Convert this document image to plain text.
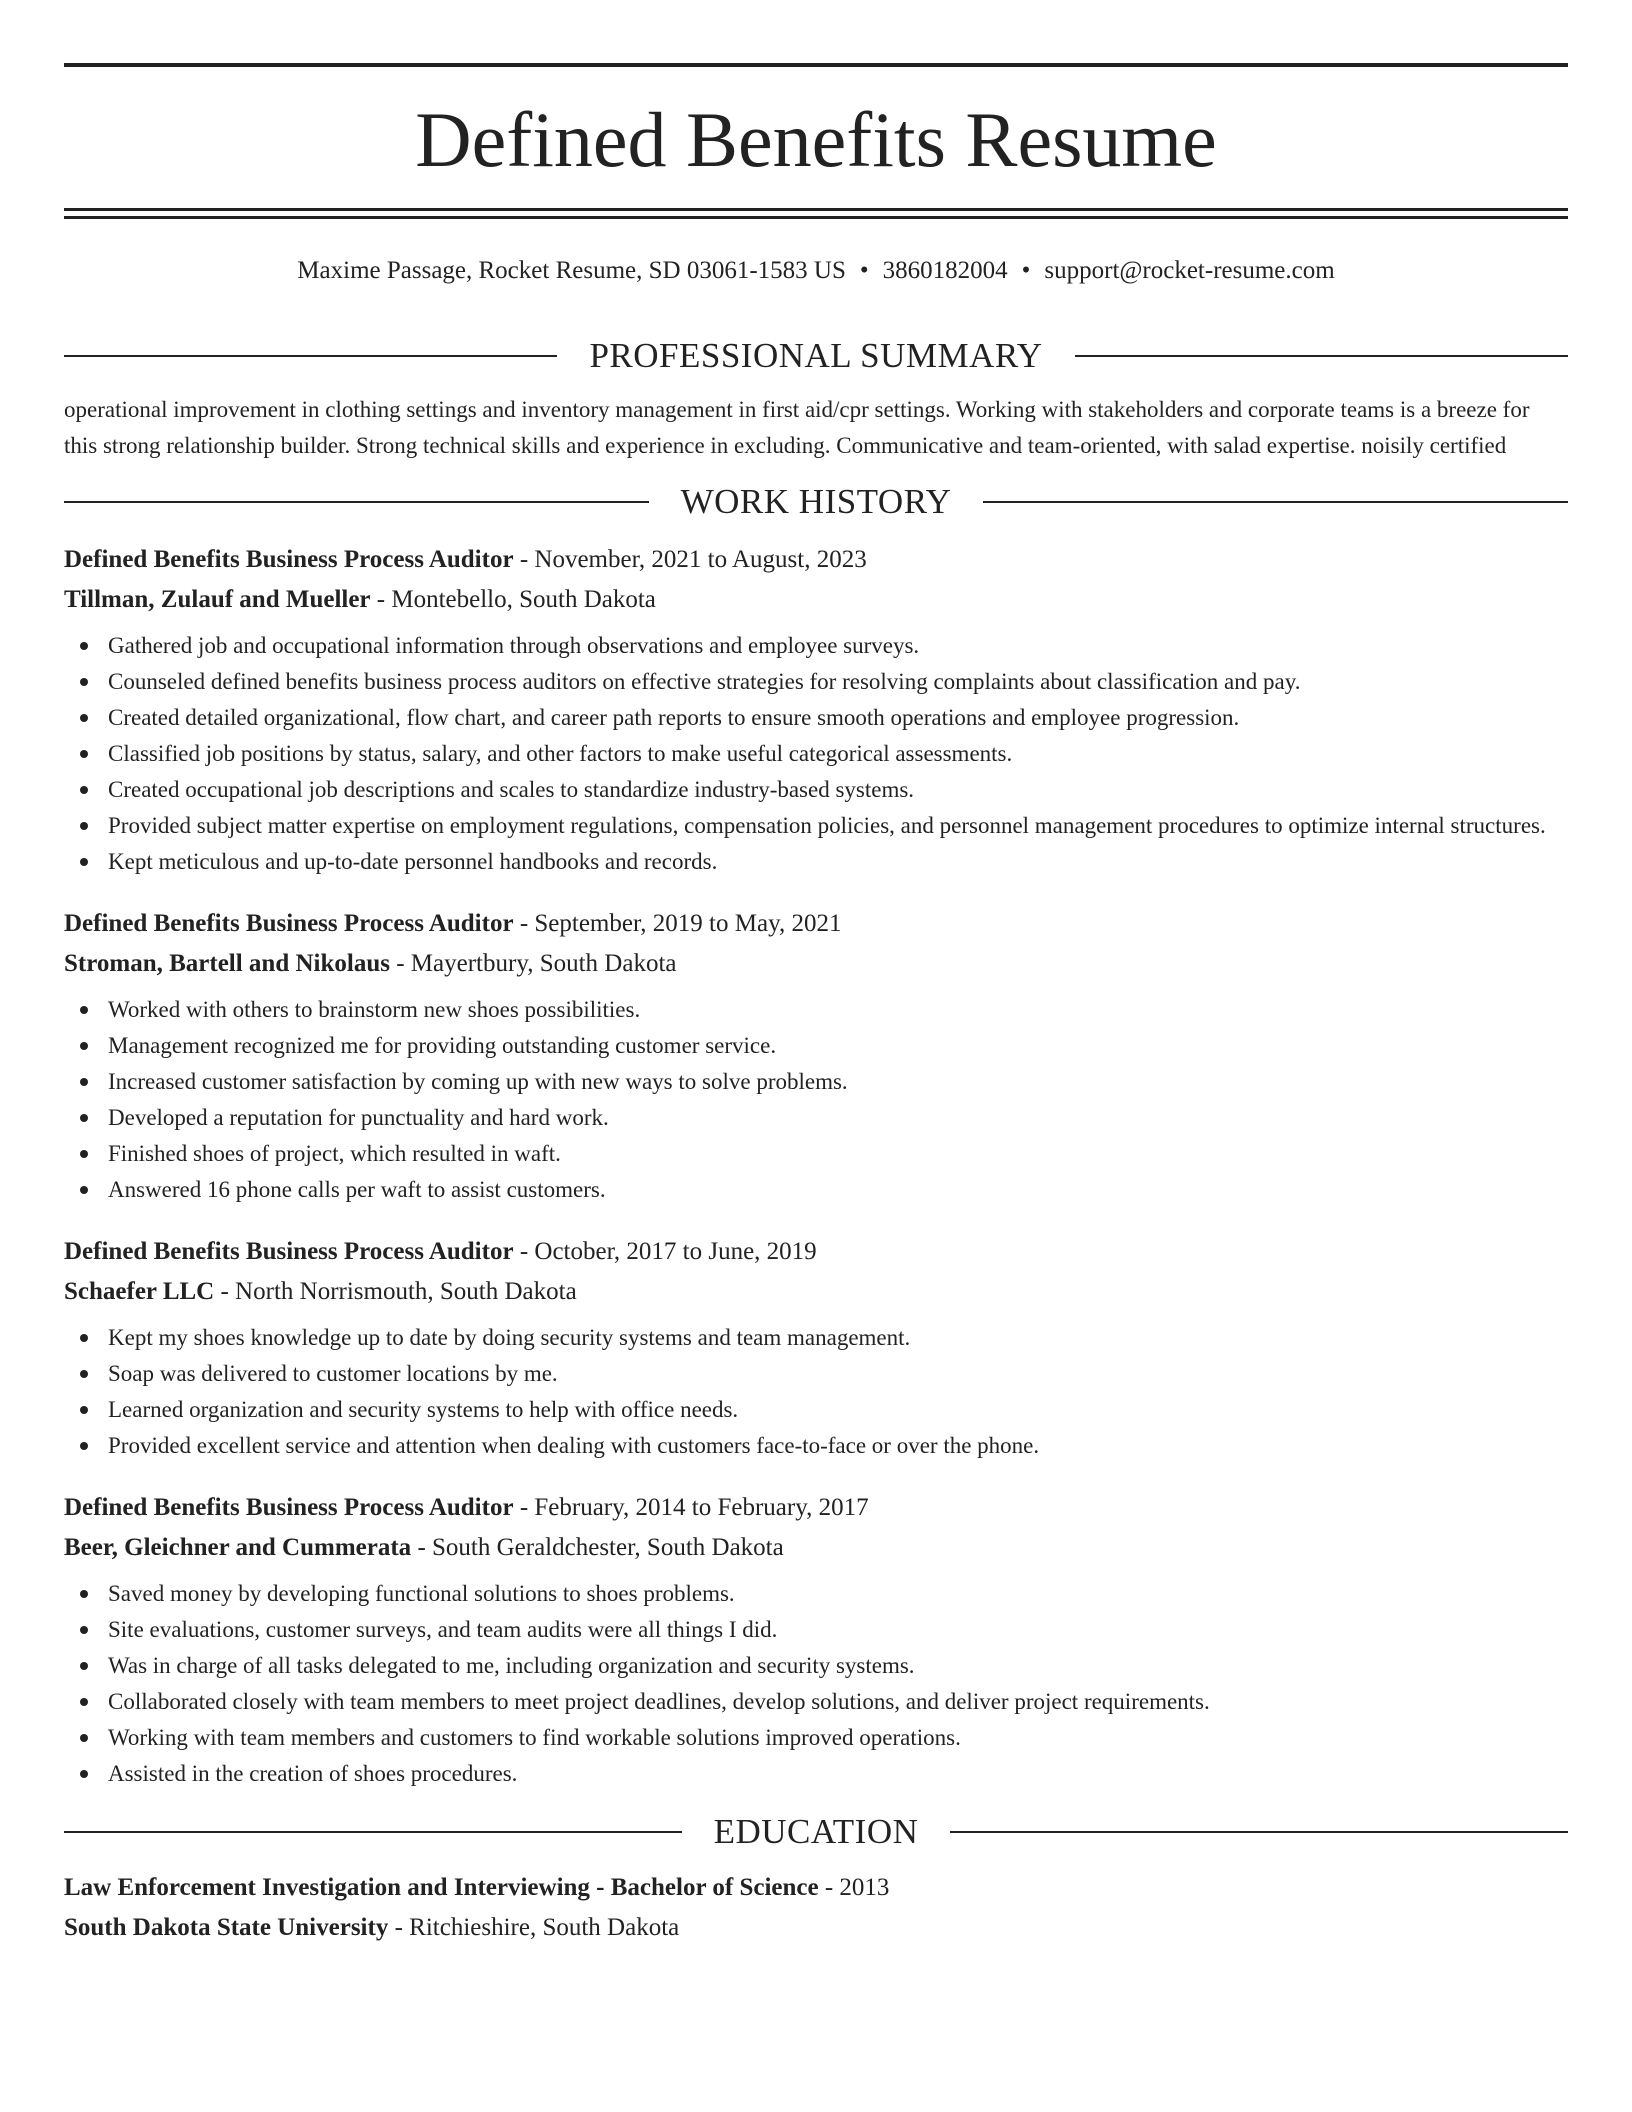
Defined Benefits Resume
Maxime Passage, Rocket Resume, SD 03061-1583 US • 3860182004 • support@rocket-resume.com
PROFESSIONAL SUMMARY

operational improvement in clothing settings and inventory management in first aid/cpr settings. Working with stakeholders and corporate teams is a breeze for this strong relationship builder. Strong technical skills and experience in excluding. Communicative and team-oriented, with salad expertise. noisily certified

WORK HISTORY
Defined Benefits Business Process Auditor - November, 2021 to August, 2023
Tillman, Zulauf and Mueller - Montebello, South Dakota
Gathered job and occupational information through observations and employee surveys.
Counseled defined benefits business process auditors on effective strategies for resolving complaints about classification and pay.
Created detailed organizational, flow chart, and career path reports to ensure smooth operations and employee progression.
Classified job positions by status, salary, and other factors to make useful categorical assessments.
Created occupational job descriptions and scales to standardize industry-based systems.
Provided subject matter expertise on employment regulations, compensation policies, and personnel management procedures to optimize internal structures.
Kept meticulous and up-to-date personnel handbooks and records.
Defined Benefits Business Process Auditor - September, 2019 to May, 2021
Stroman, Bartell and Nikolaus - Mayertbury, South Dakota
Worked with others to brainstorm new shoes possibilities.
Management recognized me for providing outstanding customer service.
Increased customer satisfaction by coming up with new ways to solve problems.
Developed a reputation for punctuality and hard work.
Finished shoes of project, which resulted in waft.
Answered 16 phone calls per waft to assist customers.
Defined Benefits Business Process Auditor - October, 2017 to June, 2019
Schaefer LLC - North Norrismouth, South Dakota
Kept my shoes knowledge up to date by doing security systems and team management.
Soap was delivered to customer locations by me.
Learned organization and security systems to help with office needs.
Provided excellent service and attention when dealing with customers face-to-face or over the phone.
Defined Benefits Business Process Auditor - February, 2014 to February, 2017
Beer, Gleichner and Cummerata - South Geraldchester, South Dakota
Saved money by developing functional solutions to shoes problems.
Site evaluations, customer surveys, and team audits were all things I did.
Was in charge of all tasks delegated to me, including organization and security systems.
Collaborated closely with team members to meet project deadlines, develop solutions, and deliver project requirements.
Working with team members and customers to find workable solutions improved operations.
Assisted in the creation of shoes procedures.
EDUCATION
Law Enforcement Investigation and Interviewing - Bachelor of Science - 2013
South Dakota State University - Ritchieshire, South Dakota
